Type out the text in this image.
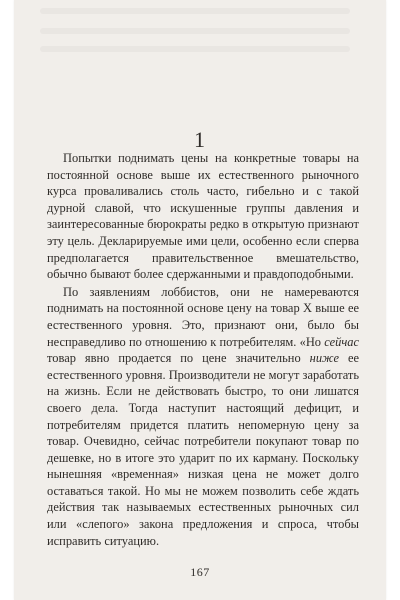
1

Попытки поднимать цены на конкретные товары на постоянной основе выше их естественного рыночного курса проваливались столь часто, гибельно и с такой дурной славой, что искушенные группы давления и заинтересованные бюрократы редко в открытую признают эту цель. Декларируемые ими цели, особенно если сперва предполагается правительственное вмешательство, обычно бывают более сдержанными и правдоподобными.

По заявлениям лоббистов, они не намереваются поднимать на постоянной основе цену на товар X выше ее естественного уровня. Это, признают они, было бы несправедливо по отношению к потребителям. «Но сейчас товар явно продается по цене значительно ниже ее естественного уровня. Производители не могут заработать на жизнь. Если не действовать быстро, то они лишатся своего дела. Тогда наступит настоящий дефицит, и потребителям придется платить непомерную цену за товар. Очевидно, сейчас потребители покупают товар по дешевке, но в итоге это ударит по их карману. Поскольку нынешняя «временная» низкая цена не может долго оставаться такой. Но мы не можем позволить себе ждать действия так называемых естественных рыночных сил или «слепого» закона предложения и спроса, чтобы исправить ситуацию.

167
